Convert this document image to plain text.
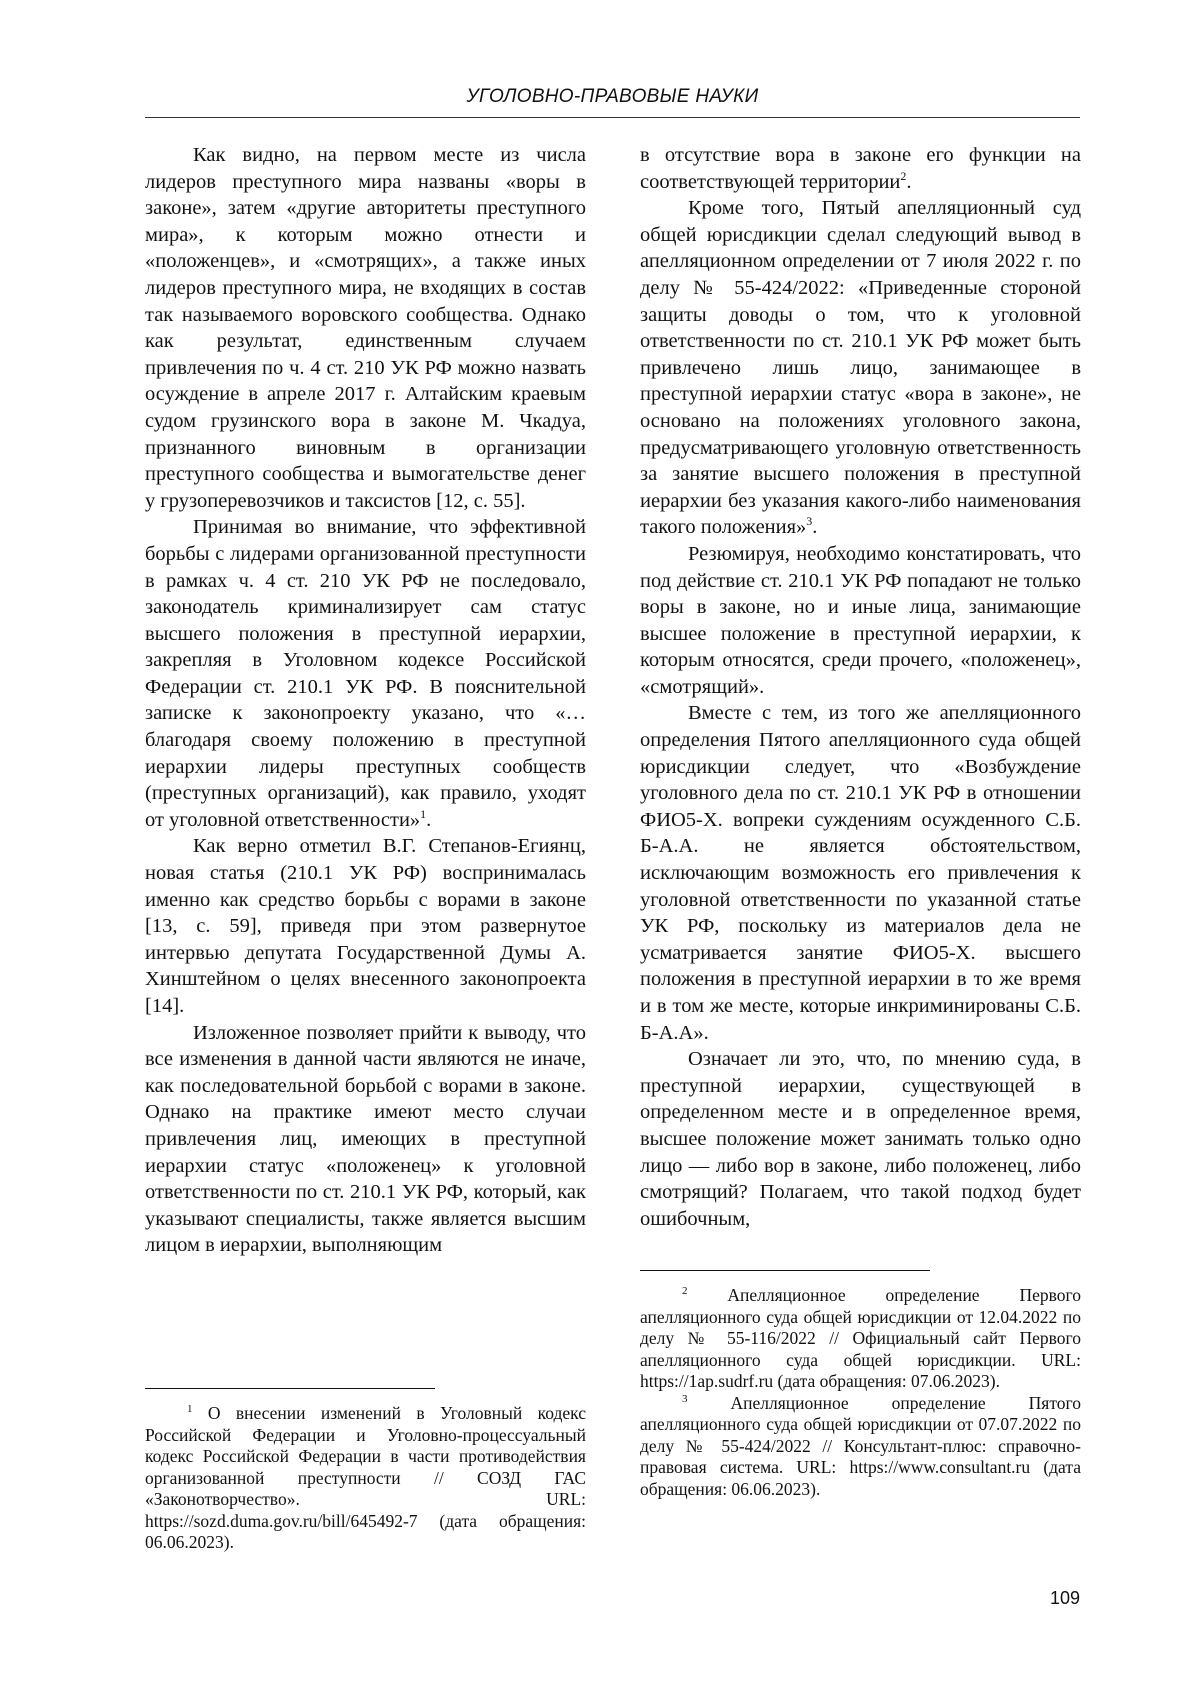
УГОЛОВНО-ПРАВОВЫЕ НАУКИ

Как видно, на первом месте из числа лидеров преступного мира названы «воры в законе», затем «другие авторитеты преступного мира», к которым можно отнести и «положенцев», и «смотрящих», а также иных лидеров преступного мира, не входящих в состав так называемого воровского сообщества. Однако как результат, единственным случаем привлечения по ч. 4 ст. 210 УК РФ можно назвать осуждение в апреле 2017 г. Алтайским краевым судом грузинского вора в законе М. Чкадуа, признанного виновным в организации преступного сообщества и вымогательстве денег у грузоперевозчиков и таксистов [12, с. 55].

Принимая во внимание, что эффективной борьбы с лидерами организованной преступности в рамках ч. 4 ст. 210 УК РФ не последовало, законодатель криминализирует сам статус высшего положения в преступной иерархии, закрепляя в Уголовном кодексе Российской Федерации ст. 210.1 УК РФ. В пояснительной записке к законопроекту указано, что «…благодаря своему положению в преступной иерархии лидеры преступных сообществ (преступных организаций), как правило, уходят от уголовной ответственности»$^1$.

Как верно отметил В.Г. Степанов-Егиянц, новая статья (210.1 УК РФ) воспринималась именно как средство борьбы с ворами в законе [13, с. 59], приведя при этом развернутое интервью депутата Государственной Думы А. Хинштейном о целях внесенного законопроекта [14].

Изложенное позволяет прийти к выводу, что все изменения в данной части являются не иначе, как последовательной борьбой с ворами в законе. Однако на практике имеют место случаи привлечения лиц, имеющих в преступной иерархии статус «положенец» к уголовной ответственности по ст. 210.1 УК РФ, который, как указывают специалисты, также является высшим лицом в иерархии, выполняющим

$^1$ О внесении изменений в Уголовный кодекс Российской Федерации и Уголовно-процессуальный кодекс Российской Федерации в части противодействия организованной преступности // СОЗД ГАС «Законотворчество». URL: https://sozd.duma.gov.ru/bill/645492-7 (дата обращения: 06.06.2023).

в отсутствие вора в законе его функции на соответствующей территории$^2$.

Кроме того, Пятый апелляционный суд общей юрисдикции сделал следующий вывод в апелляционном определении от 7 июля 2022 г. по делу № 55-424/2022: «Приведенные стороной защиты доводы о том, что к уголовной ответственности по ст. 210.1 УК РФ может быть привлечено лишь лицо, занимающее в преступной иерархии статус «вора в законе», не основано на положениях уголовного закона, предусматривающего уголовную ответственность за занятие высшего положения в преступной иерархии без указания какого-либо наименования такого положения»$^3$.

Резюмируя, необходимо констатировать, что под действие ст. 210.1 УК РФ попадают не только воры в законе, но и иные лица, занимающие высшее положение в преступной иерархии, к которым относятся, среди прочего, «положенец», «смотрящий».

Вместе с тем, из того же апелляционного определения Пятого апелляционного суда общей юрисдикции следует, что «Возбуждение уголовного дела по ст. 210.1 УК РФ в отношении ФИО5-Х. вопреки суждениям осужденного С.Б. Б-А.А. не является обстоятельством, исключающим возможность его привлечения к уголовной ответственности по указанной статье УК РФ, поскольку из материалов дела не усматривается занятие ФИО5-Х. высшего положения в преступной иерархии в то же время и в том же месте, которые инкриминированы С.Б. Б-А.А».

Означает ли это, что, по мнению суда, в преступной иерархии, существующей в определенном месте и в определенное время, высшее положение может занимать только одно лицо — либо вор в законе, либо положенец, либо смотрящий? Полагаем, что такой подход будет ошибочным,

$^2$ Апелляционное определение Первого апелляционного суда общей юрисдикции от 12.04.2022 по делу № 55-116/2022 // Официальный сайт Первого апелляционного суда общей юрисдикции. URL: https://1ap.sudrf.ru (дата обращения: 07.06.2023).

$^3$ Апелляционное определение Пятого апелляционного суда общей юрисдикции от 07.07.2022 по делу № 55-424/2022 // Консультант-плюс: справочно-правовая система. URL: https://www.consultant.ru (дата обращения: 06.06.2023).

109
